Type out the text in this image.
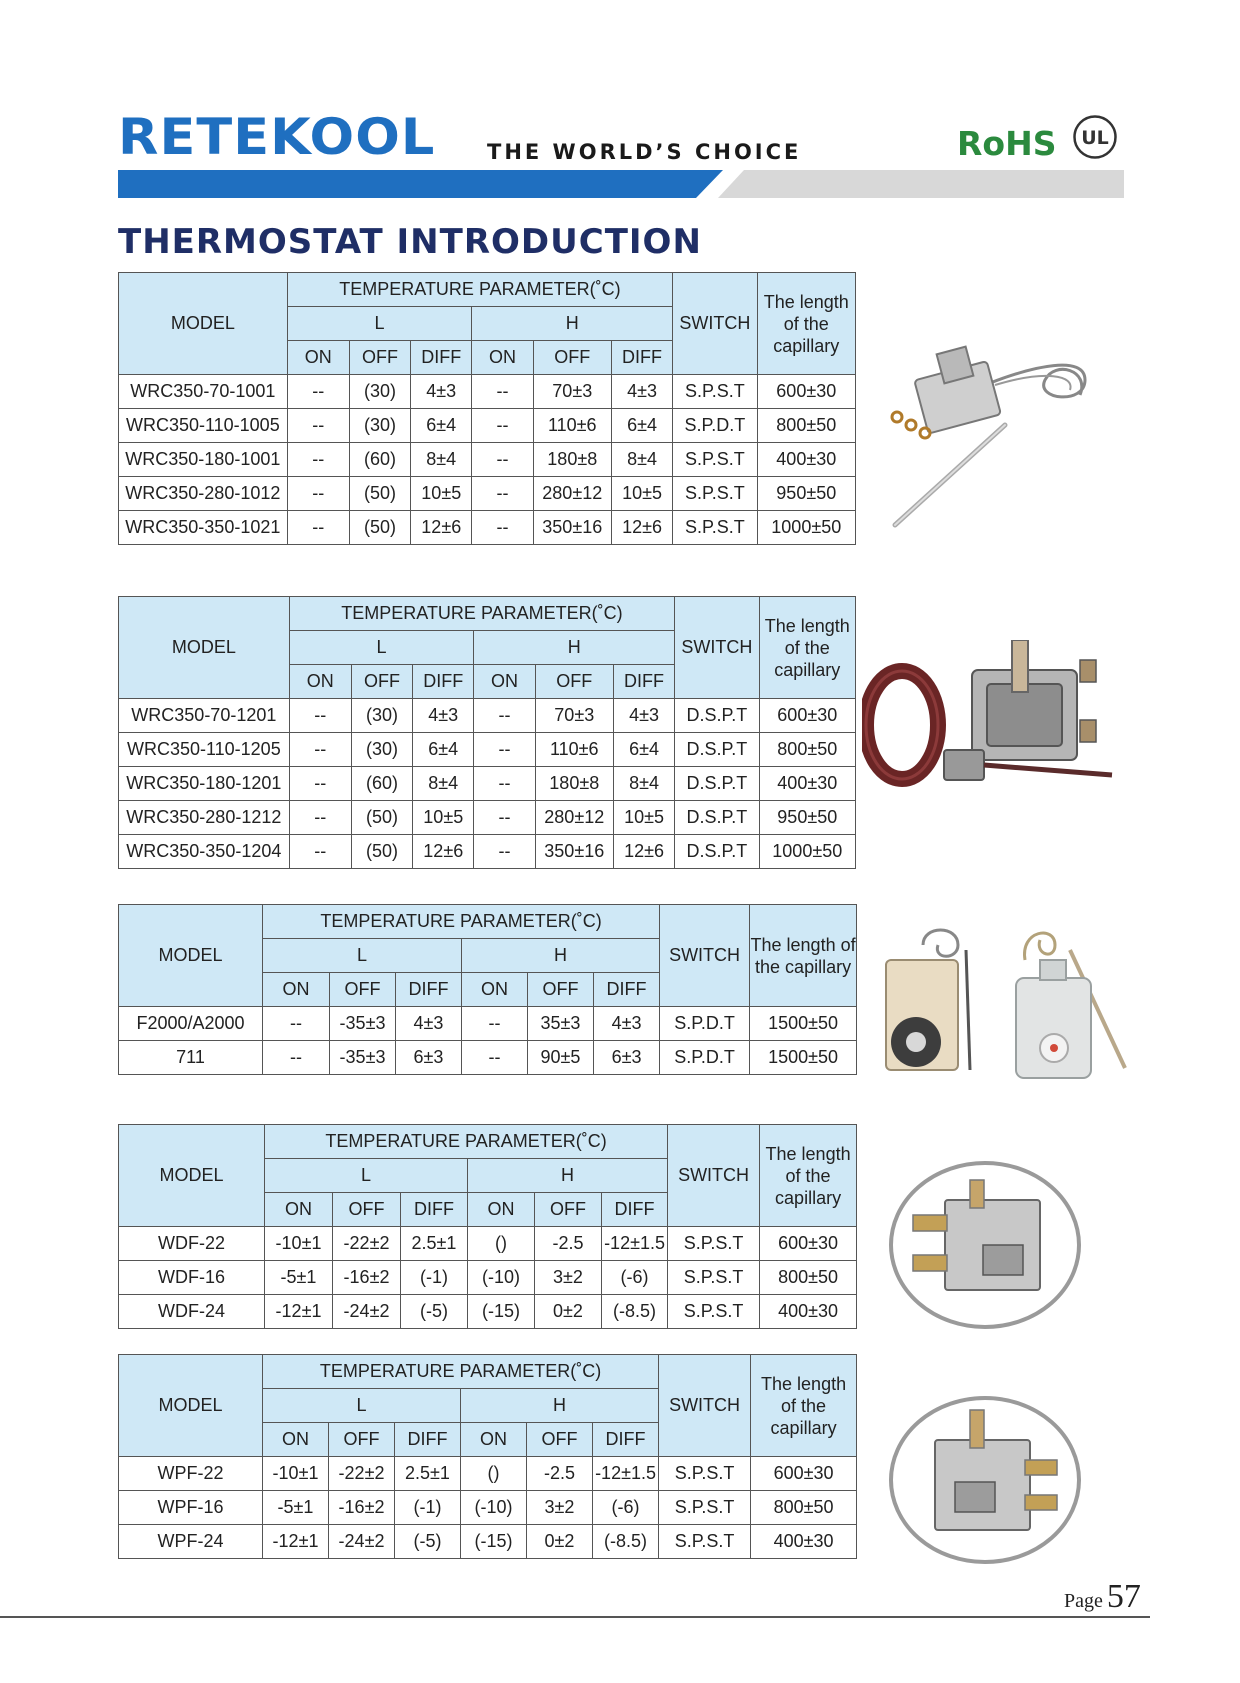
RETEKOOL THE WORLD’S CHOICE	RoHS UL
THERMOSTAT INTRODUCTION
MODEL	TEMPERATURE PARAMETER(˚C)						SWITCH	The length of the capillary
	L			H				
	ON	OFF	DIFF	ON	OFF	DIFF		
WRC350-70-1001	--	(30)	4±3	--	70±3	4±3	S.P.S.T	600±30
WRC350-110-1005	--	(30)	6±4	--	110±6	6±4	S.P.D.T	800±50
WRC350-180-1001	--	(60)	8±4	--	180±8	8±4	S.P.S.T	400±30
WRC350-280-1012	--	(50)	10±5	--	280±12	10±5	S.P.S.T	950±50
WRC350-350-1021	--	(50)	12±6	--	350±16	12±6	S.P.S.T	1000±50
MODEL	TEMPERATURE PARAMETER(˚C)						SWITCH	The length of the capillary
	L			H				
	ON	OFF	DIFF	ON	OFF	DIFF		
WRC350-70-1201	--	(30)	4±3	--	70±3	4±3	D.S.P.T	600±30
WRC350-110-1205	--	(30)	6±4	--	110±6	6±4	D.S.P.T	800±50
WRC350-180-1201	--	(60)	8±4	--	180±8	8±4	D.S.P.T	400±30
WRC350-280-1212	--	(50)	10±5	--	280±12	10±5	D.S.P.T	950±50
WRC350-350-1204	--	(50)	12±6	--	350±16	12±6	D.S.P.T	1000±50
MODEL	TEMPERATURE PARAMETER(˚C)						SWITCH	The length of the capillary
	L			H				
	ON	OFF	DIFF	ON	OFF	DIFF		
F2000/A2000	--	-35±3	4±3	--	35±3	4±3	S.P.D.T	1500±50
711	--	-35±3	6±3	--	90±5	6±3	S.P.D.T	1500±50
MODEL	TEMPERATURE PARAMETER(˚C)						SWITCH	The length of the capillary
	L			H				
	ON	OFF	DIFF	ON	OFF	DIFF		
WDF-22	-10±1	-22±2	2.5±1	()	-2.5	-12±1.5	S.P.S.T	600±30
WDF-16	-5±1	-16±2	(-1)	(-10)	3±2	(-6)	S.P.S.T	800±50
WDF-24	-12±1	-24±2	(-5)	(-15)	0±2	(-8.5)	S.P.S.T	400±30
MODEL	TEMPERATURE PARAMETER(˚C)						SWITCH	The length of the capillary
	L			H				
	ON	OFF	DIFF	ON	OFF	DIFF		
WPF-22	-10±1	-22±2	2.5±1	()	-2.5	-12±1.5	S.P.S.T	600±30
WPF-16	-5±1	-16±2	(-1)	(-10)	3±2	(-6)	S.P.S.T	800±50
WPF-24	-12±1	-24±2	(-5)	(-15)	0±2	(-8.5)	S.P.S.T	400±30
Page 57
